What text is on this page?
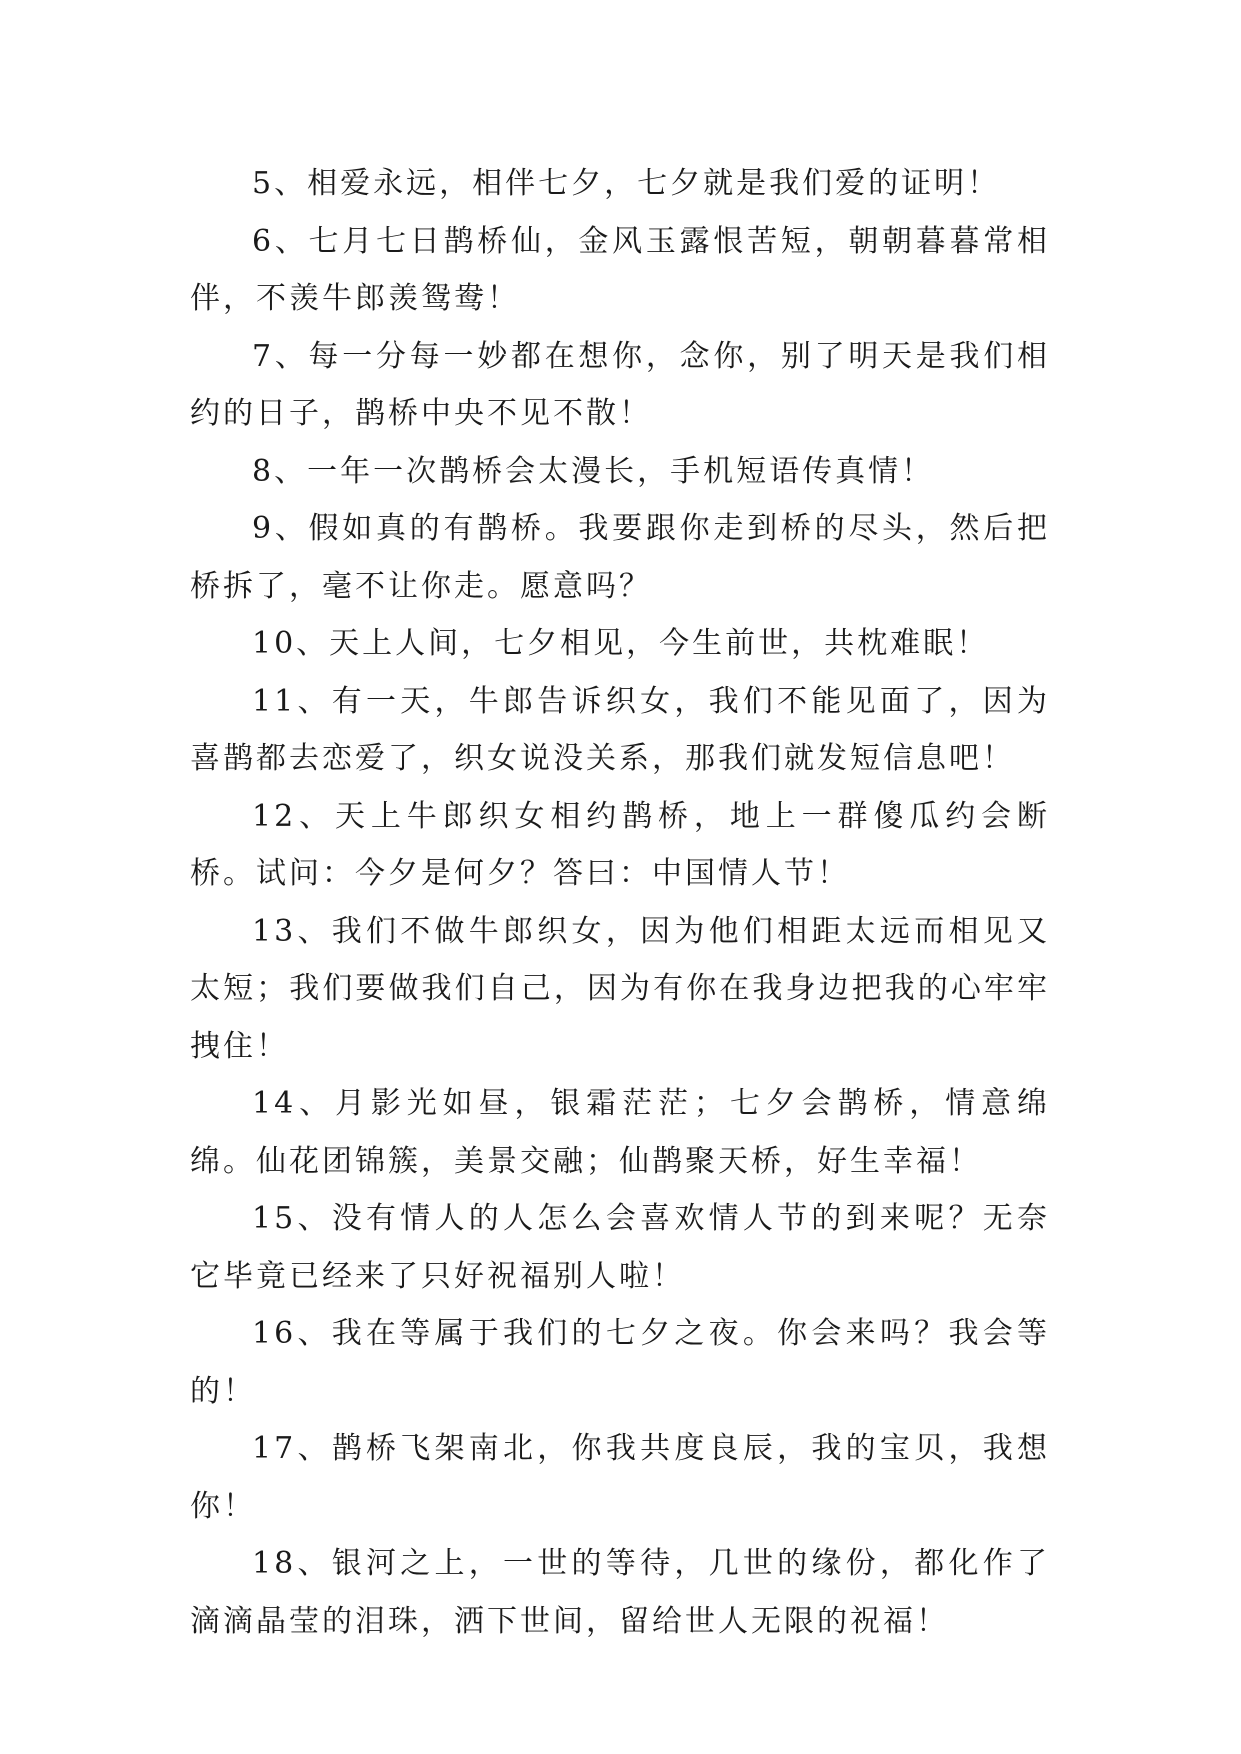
5、相爱永远，相伴七夕，七夕就是我们爱的证明！

6、七月七日鹊桥仙，金风玉露恨苦短，朝朝暮暮常相伴，不羡牛郎羡鸳鸯！

7、每一分每一妙都在想你，念你，别了明天是我们相约的日子，鹊桥中央不见不散！

8、一年一次鹊桥会太漫长，手机短语传真情！

9、假如真的有鹊桥。我要跟你走到桥的尽头，然后把桥拆了，毫不让你走。愿意吗？

10、天上人间，七夕相见，今生前世，共枕难眠！

11、有一天，牛郎告诉织女，我们不能见面了，因为喜鹊都去恋爱了，织女说没关系，那我们就发短信息吧！

12、天上牛郎织女相约鹊桥，地上一群傻瓜约会断桥。试问：今夕是何夕？答曰：中国情人节！

13、我们不做牛郎织女，因为他们相距太远而相见又太短；我们要做我们自己，因为有你在我身边把我的心牢牢拽住！

14、月影光如昼，银霜茫茫；七夕会鹊桥，情意绵绵。仙花团锦簇，美景交融；仙鹊聚天桥，好生幸福！

15、没有情人的人怎么会喜欢情人节的到来呢？无奈它毕竟已经来了只好祝福别人啦！

16、我在等属于我们的七夕之夜。你会来吗？我会等的！

17、鹊桥飞架南北，你我共度良辰，我的宝贝，我想你！

18、银河之上，一世的等待，几世的缘份，都化作了滴滴晶莹的泪珠，洒下世间，留给世人无限的祝福！
